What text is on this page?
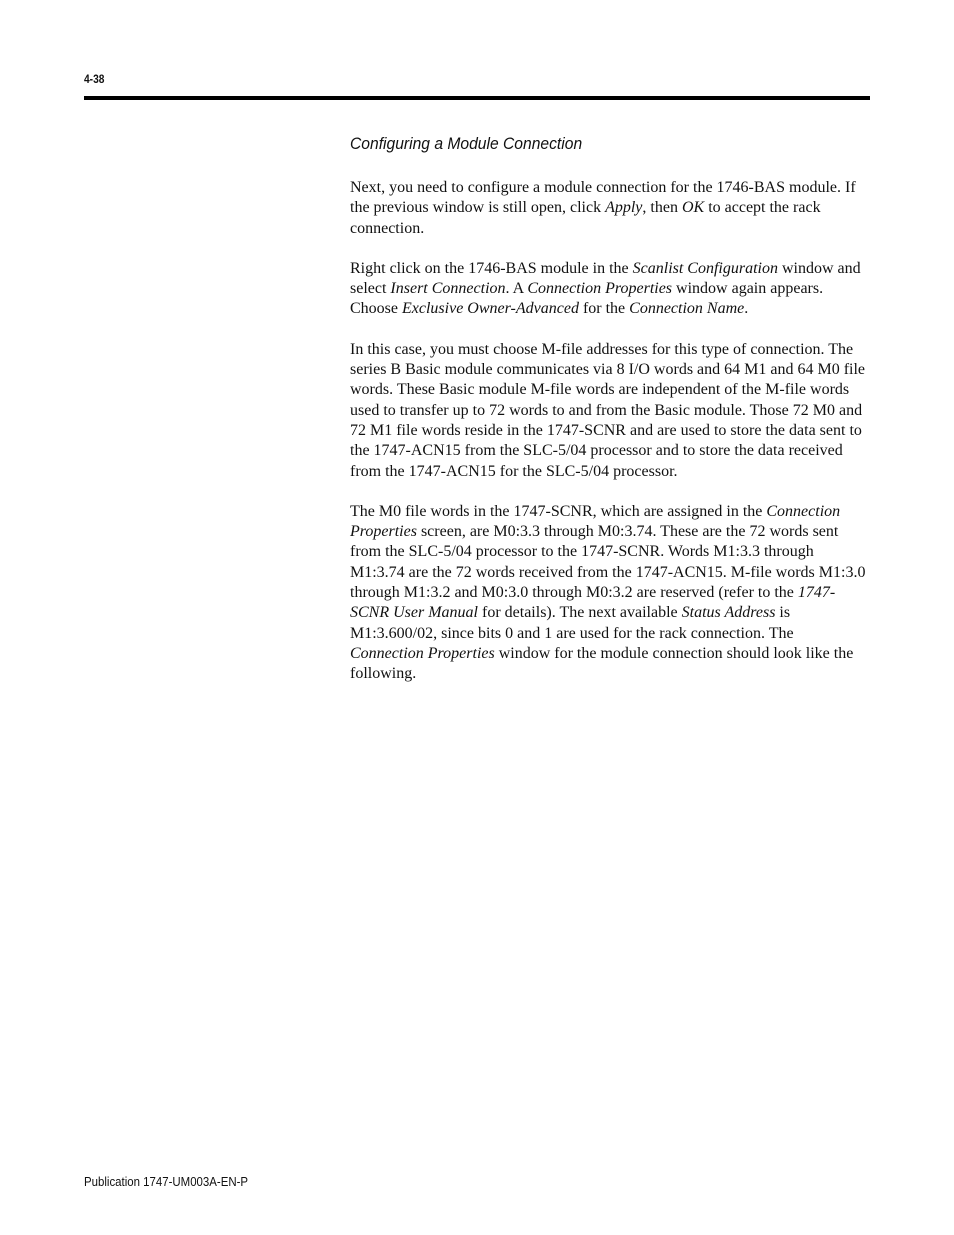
4-38
Configuring a Module Connection

Next, you need to configure a module connection for the 1746-BAS module. If the previous window is still open, click Apply, then OK to accept the rack connection.

Right click on the 1746-BAS module in the Scanlist Configuration window and select Insert Connection. A Connection Properties window again appears. Choose Exclusive Owner-Advanced for the Connection Name.

In this case, you must choose M-file addresses for this type of connection. The series B Basic module communicates via 8 I/O words and 64 M1 and 64 M0 file words. These Basic module M-file words are independent of the M-file words used to transfer up to 72 words to and from the Basic module. Those 72 M0 and 72 M1 file words reside in the 1747-SCNR and are used to store the data sent to the 1747-ACN15 from the SLC-5/04 processor and to store the data received from the 1747-ACN15 for the SLC-5/04 processor.

The M0 file words in the 1747-SCNR, which are assigned in the Connection Properties screen, are M0:3.3 through M0:3.74. These are the 72 words sent from the SLC-5/04 processor to the 1747-SCNR. Words M1:3.3 through M1:3.74 are the 72 words received from the 1747-ACN15. M-file words M1:3.0 through M1:3.2 and M0:3.0 through M0:3.2 are reserved (refer to the 1747-SCNR User Manual for details). The next available Status Address is M1:3.600/02, since bits 0 and 1 are used for the rack connection. The Connection Properties window for the module connection should look like the following.

Publication 1747-UM003A-EN-P
